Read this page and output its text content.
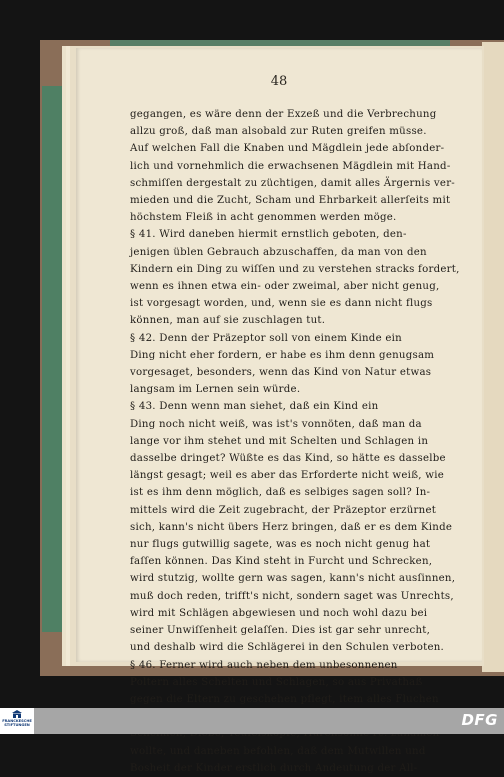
48
gegangen, es wäre denn der Exzeß und die Verbrechung
allzu groß, daß man alsobald zur Ruten greifen müsse.
Auf welchen Fall die Knaben und Mägdlein jede abſonder-
lich und vornehmlich die erwachsenen Mägdlein mit Hand-
schmiſſen dergestalt zu züchtigen, damit alles Ärgernis ver-
mieden und die Zucht, Scham und Ehrbarkeit allerſeits mit
höchstem Fleiß in acht genommen werden möge.
§ 41. Wird daneben hiermit ernstlich geboten, den-
jenigen üblen Gebrauch abzuschaffen, da man von den
Kindern ein Ding zu wiſſen und zu verstehen stracks fordert,
wenn es ihnen etwa ein- oder zweimal, aber nicht genug,
ist vorgesagt worden, und, wenn sie es dann nicht flugs
können, man auf sie zuschlagen tut.
§ 42. Denn der Präzeptor soll von einem Kinde ein
Ding nicht eher fordern, er habe es ihm denn genugsam
vorgesaget, besonders, wenn das Kind von Natur etwas
langsam im Lernen sein würde.
§ 43. Denn wenn man siehet, daß ein Kind ein
Ding noch nicht weiß, was ist's vonnöten, daß man da
lange vor ihm stehet und mit Schelten und Schlagen in
dasselbe dringet? Wüßte es das Kind, so hätte es dasselbe
längst gesagt; weil es aber das Erforderte nicht weiß, wie
ist es ihm denn möglich, daß es selbiges sagen soll? In-
mittels wird die Zeit zugebracht, der Präzeptor erzürnet
sich, kann's nicht übers Herz bringen, daß er es dem Kinde
nur flugs gutwillig sagete, was es noch nicht genug hat
faſſen können. Das Kind steht in Furcht und Schrecken,
wird stutzig, wollte gern was sagen, kann's nicht ausſinnen,
muß doch reden, trifft's nicht, sondern saget was Unrechts,
wird mit Schlägen abgewiesen und noch wohl dazu bei
seiner Unwiſſenheit gelaſſen. Dies ist gar sehr unrecht,
und deshalb wird die Schlägerei in den Schulen verboten.
§ 46. Ferner wird auch neben dem unbesonnenen
Poltern alles Schelten und Schlagen, so aus Privathaß
gegen die Eltern zu geschehen pflegt, item alles Fluchen
wollte, und daneben befohlen, daß dem Mutwillen und
Bosheit der Kinder erstlich durch Andeutung der All-
FRANCKESCHE
STIFTUNGEN	DFG
